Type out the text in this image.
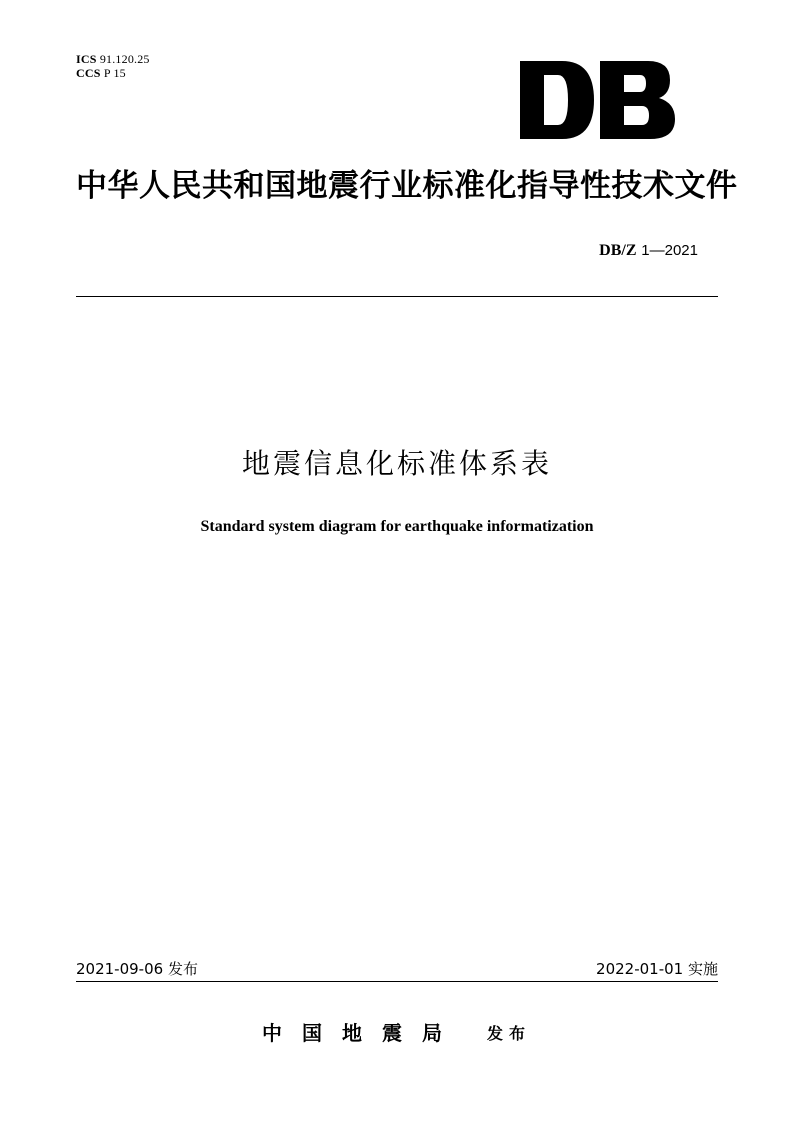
ICS 91.120.25
CCS P 15
中华人民共和国地震行业标准化指导性技术文件
DB/Z 1—2021
地震信息化标准体系表
Standard system diagram for earthquake informatization
2021-09-06 发布	2022-01-01 实施
中国地震局 发布
